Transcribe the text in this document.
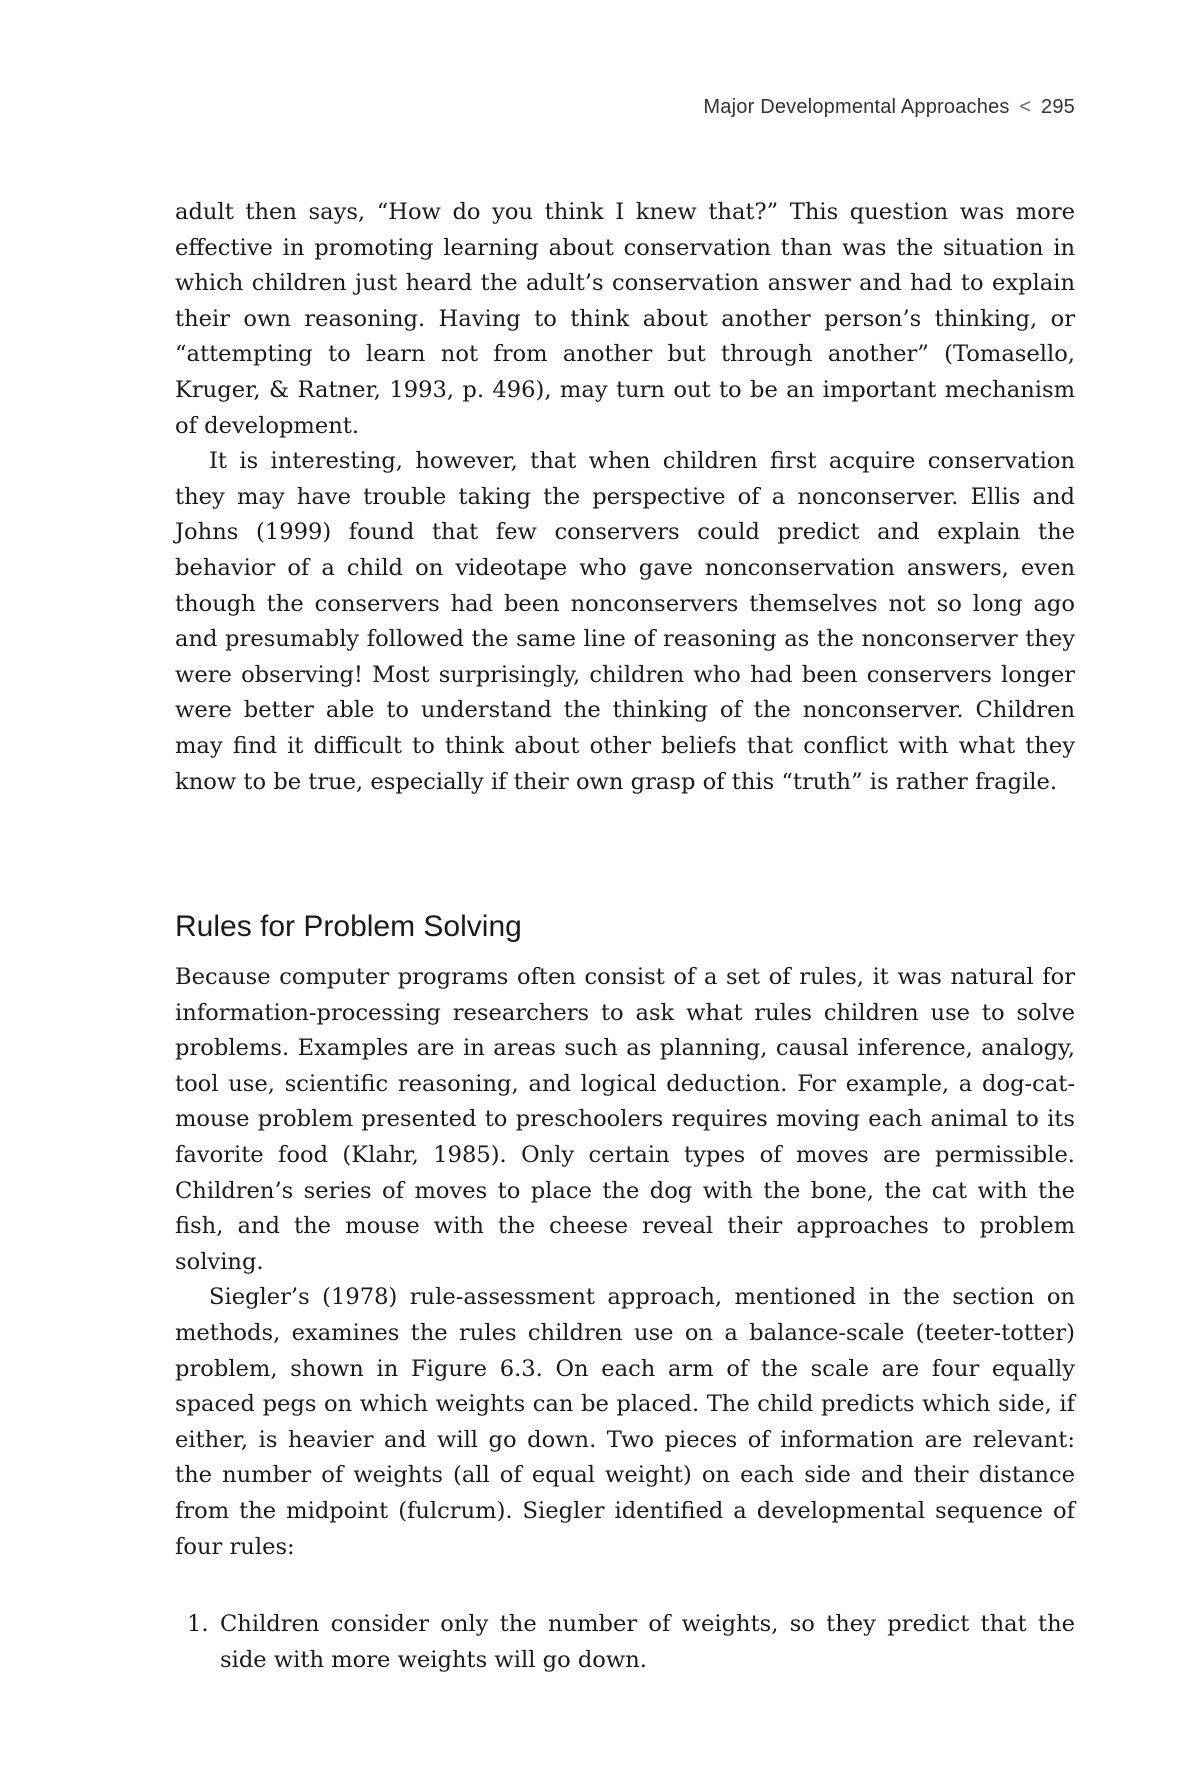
Major Developmental Approaches < 295

adult then says, “How do you think I knew that?” This question was more effective in promoting learning about conservation than was the situation in which children just heard the adult’s conservation answer and had to explain their own reasoning. Having to think about another person’s thinking, or “attempting to learn not from another but through another” (Tomasello, Kruger, & Ratner, 1993, p. 496), may turn out to be an important mechanism of development.

It is interesting, however, that when children first acquire conservation they may have trouble taking the perspective of a nonconserver. Ellis and Johns (1999) found that few conservers could predict and explain the behavior of a child on videotape who gave nonconservation answers, even though the conservers had been nonconservers themselves not so long ago and presumably followed the same line of reasoning as the nonconserver they were observing! Most surprisingly, children who had been conservers longer were better able to understand the thinking of the nonconserver. Children may find it difficult to think about other beliefs that conflict with what they know to be true, especially if their own grasp of this “truth” is rather fragile.

Rules for Problem Solving

Because computer programs often consist of a set of rules, it was natural for information-processing researchers to ask what rules children use to solve problems. Examples are in areas such as planning, causal inference, analogy, tool use, scientific reasoning, and logical deduction. For example, a dog-cat-mouse problem presented to preschoolers requires moving each animal to its favorite food (Klahr, 1985). Only certain types of moves are permissible. Children’s series of moves to place the dog with the bone, the cat with the fish, and the mouse with the cheese reveal their approaches to problem solving.

Siegler’s (1978) rule-assessment approach, mentioned in the section on methods, examines the rules children use on a balance-scale (teeter-totter) problem, shown in Figure 6.3. On each arm of the scale are four equally spaced pegs on which weights can be placed. The child predicts which side, if either, is heavier and will go down. Two pieces of information are relevant: the number of weights (all of equal weight) on each side and their distance from the midpoint (fulcrum). Siegler identified a developmental sequence of four rules:

1. Children consider only the number of weights, so they predict that the side with more weights will go down.
